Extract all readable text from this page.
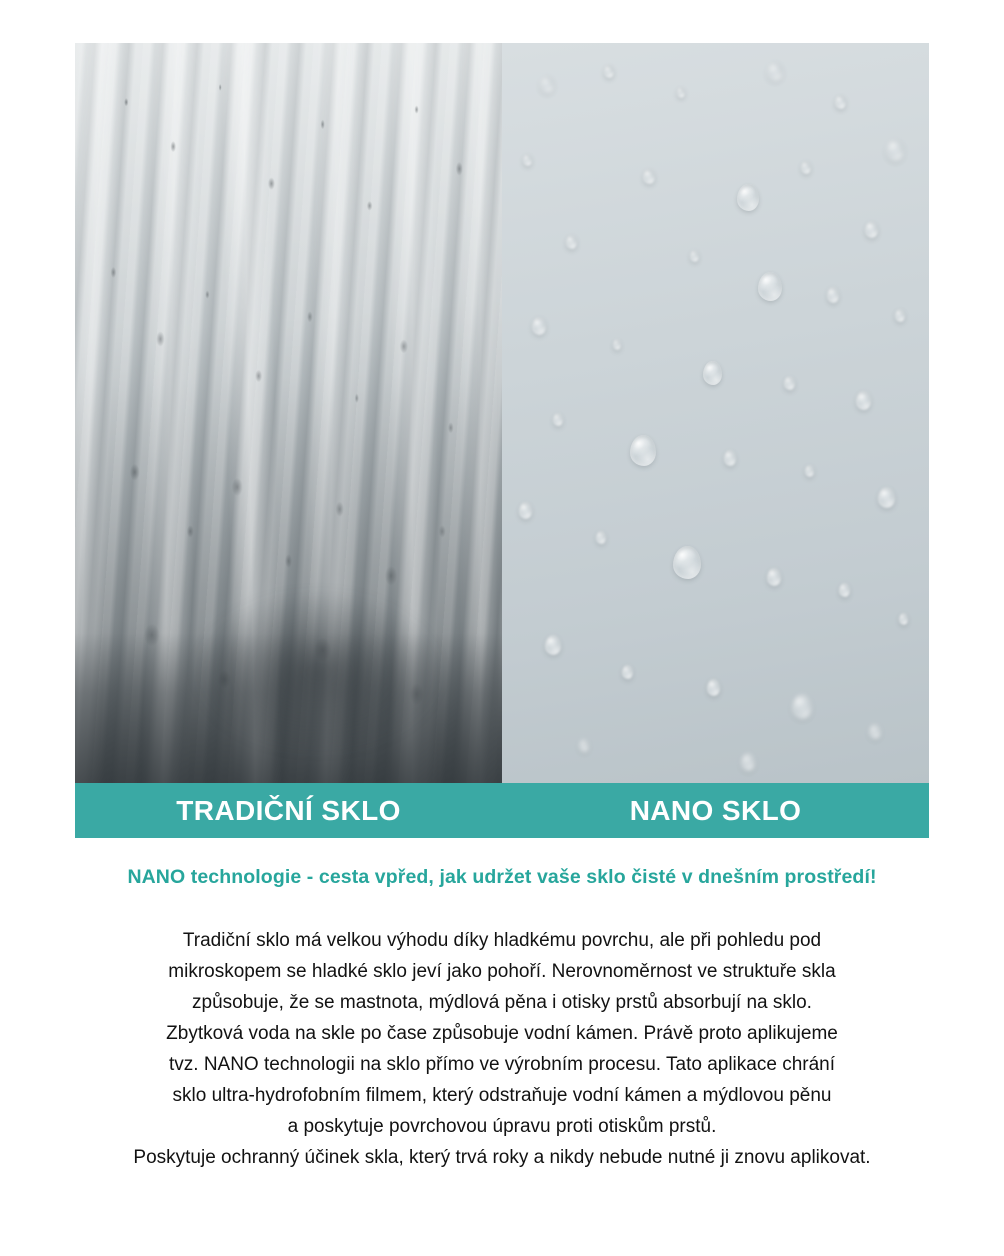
TRADIČNÍ SKLO	NANO SKLO
NANO technologie - cesta vpřed, jak udržet vaše sklo čisté v dnešním prostředí!

Tradiční sklo má velkou výhodu díky hladkému povrchu, ale při pohledu pod

mikroskopem se hladké sklo jeví jako pohoří. Nerovnoměrnost ve struktuře skla

způsobuje, že se mastnota, mýdlová pěna i otisky prstů absorbují na sklo.

Zbytková voda na skle po čase způsobuje vodní kámen. Právě proto aplikujeme

tvz. NANO technologii na sklo přímo ve výrobním procesu. Tato aplikace chrání

sklo ultra-hydrofobním filmem, který odstraňuje vodní kámen a mýdlovou pěnu

a poskytuje povrchovou úpravu proti otiskům prstů.

Poskytuje ochranný účinek skla, který trvá roky a nikdy nebude nutné ji znovu aplikovat.
